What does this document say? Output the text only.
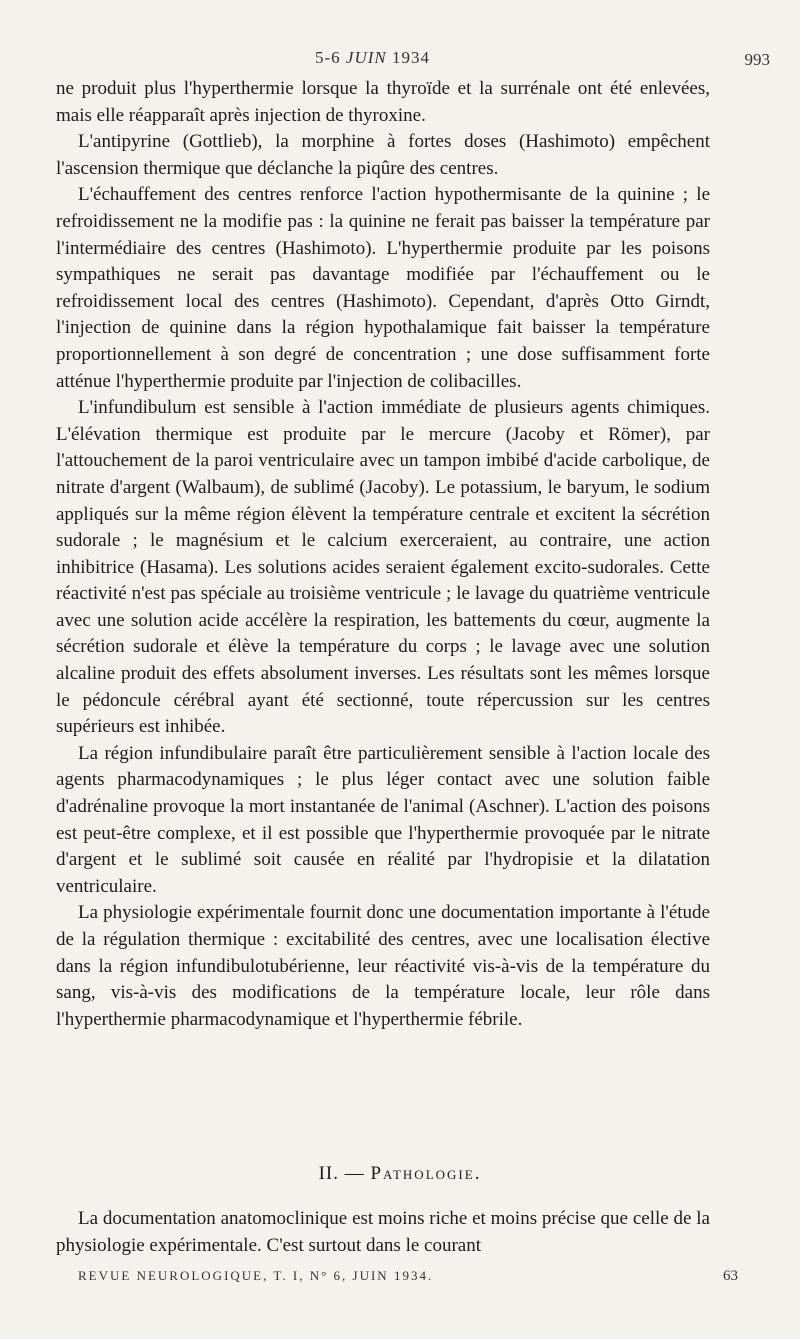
5-6 JUIN 1934	993

ne produit plus l'hyperthermie lorsque la thyroïde et la surrénale ont été enlevées, mais elle réapparaît après injection de thyroxine.

L'antipyrine (Gottlieb), la morphine à fortes doses (Hashimoto) empêchent l'ascension thermique que déclanche la piqûre des centres.

L'échauffement des centres renforce l'action hypothermisante de la quinine ; le refroidissement ne la modifie pas : la quinine ne ferait pas baisser la température par l'intermédiaire des centres (Hashimoto). L'hyperthermie produite par les poisons sympathiques ne serait pas davantage modifiée par l'échauffement ou le refroidissement local des centres (Hashimoto). Cependant, d'après Otto Girndt, l'injection de quinine dans la région hypothalamique fait baisser la température proportionnellement à son degré de concentration ; une dose suffisamment forte atténue l'hyperthermie produite par l'injection de colibacilles.

L'infundibulum est sensible à l'action immédiate de plusieurs agents chimiques. L'élévation thermique est produite par le mercure (Jacoby et Römer), par l'attouchement de la paroi ventriculaire avec un tampon imbibé d'acide carbolique, de nitrate d'argent (Walbaum), de sublimé (Jacoby). Le potassium, le baryum, le sodium appliqués sur la même région élèvent la température centrale et excitent la sécrétion sudorale ; le magnésium et le calcium exerceraient, au contraire, une action inhibitrice (Hasama). Les solutions acides seraient également excito-sudorales. Cette réactivité n'est pas spéciale au troisième ventricule ; le lavage du quatrième ventricule avec une solution acide accélère la respiration, les battements du cœur, augmente la sécrétion sudorale et élève la température du corps ; le lavage avec une solution alcaline produit des effets absolument inverses. Les résultats sont les mêmes lorsque le pédoncule cérébral ayant été sectionné, toute répercussion sur les centres supérieurs est inhibée.

La région infundibulaire paraît être particulièrement sensible à l'action locale des agents pharmacodynamiques ; le plus léger contact avec une solution faible d'adrénaline provoque la mort instantanée de l'animal (Aschner). L'action des poisons est peut-être complexe, et il est possible que l'hyperthermie provoquée par le nitrate d'argent et le sublimé soit causée en réalité par l'hydropisie et la dilatation ventriculaire.

La physiologie expérimentale fournit donc une documentation importante à l'étude de la régulation thermique : excitabilité des centres, avec une localisation élective dans la région infundibulotubérienne, leur réactivité vis-à-vis de la température du sang, vis-à-vis des modifications de la température locale, leur rôle dans l'hyperthermie pharmacodynamique et l'hyperthermie fébrile.

II. — Pathologie.

La documentation anatomoclinique est moins riche et moins précise que celle de la physiologie expérimentale. C'est surtout dans le courant

REVUE NEUROLOGIQUE, T. I, N° 6, JUIN 1934.	63
